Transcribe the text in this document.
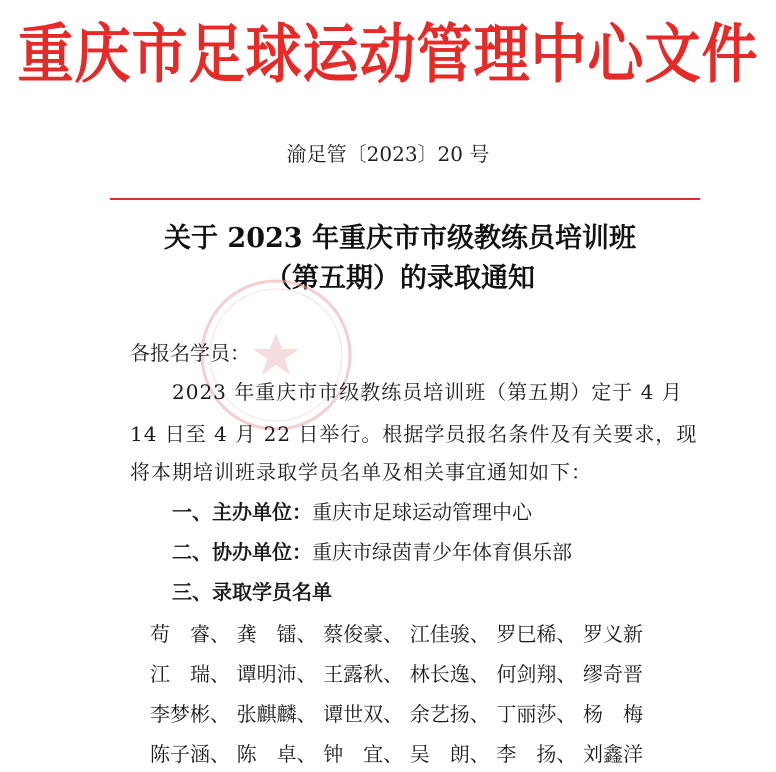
重庆市足球运动管理中心文件
渝足管〔2023〕20 号
关于 2023 年重庆市市级教练员培训班
（第五期）的录取通知
各报名学员：
2023 年重庆市市级教练员培训班（第五期）定于 4 月
14 日至 4 月 22 日举行。根据学员报名条件及有关要求，现
将本期培训班录取学员名单及相关事宜通知如下：
一、主办单位：重庆市足球运动管理中心
二、协办单位：重庆市绿茵青少年体育俱乐部
三、录取学员名单
苟　睿、 龚　镭、 蔡俊豪、 江佳骏、 罗巳稀、 罗义新
江　瑞、 谭明沛、 王露秋、 林长逸、 何剑翔、 缪奇晋
李梦彬、 张麒麟、 谭世双、 余艺扬、 丁丽莎、 杨　梅
陈子涵、 陈　卓、 钟　宜、 吴　朗、 李　扬、 刘鑫洋
